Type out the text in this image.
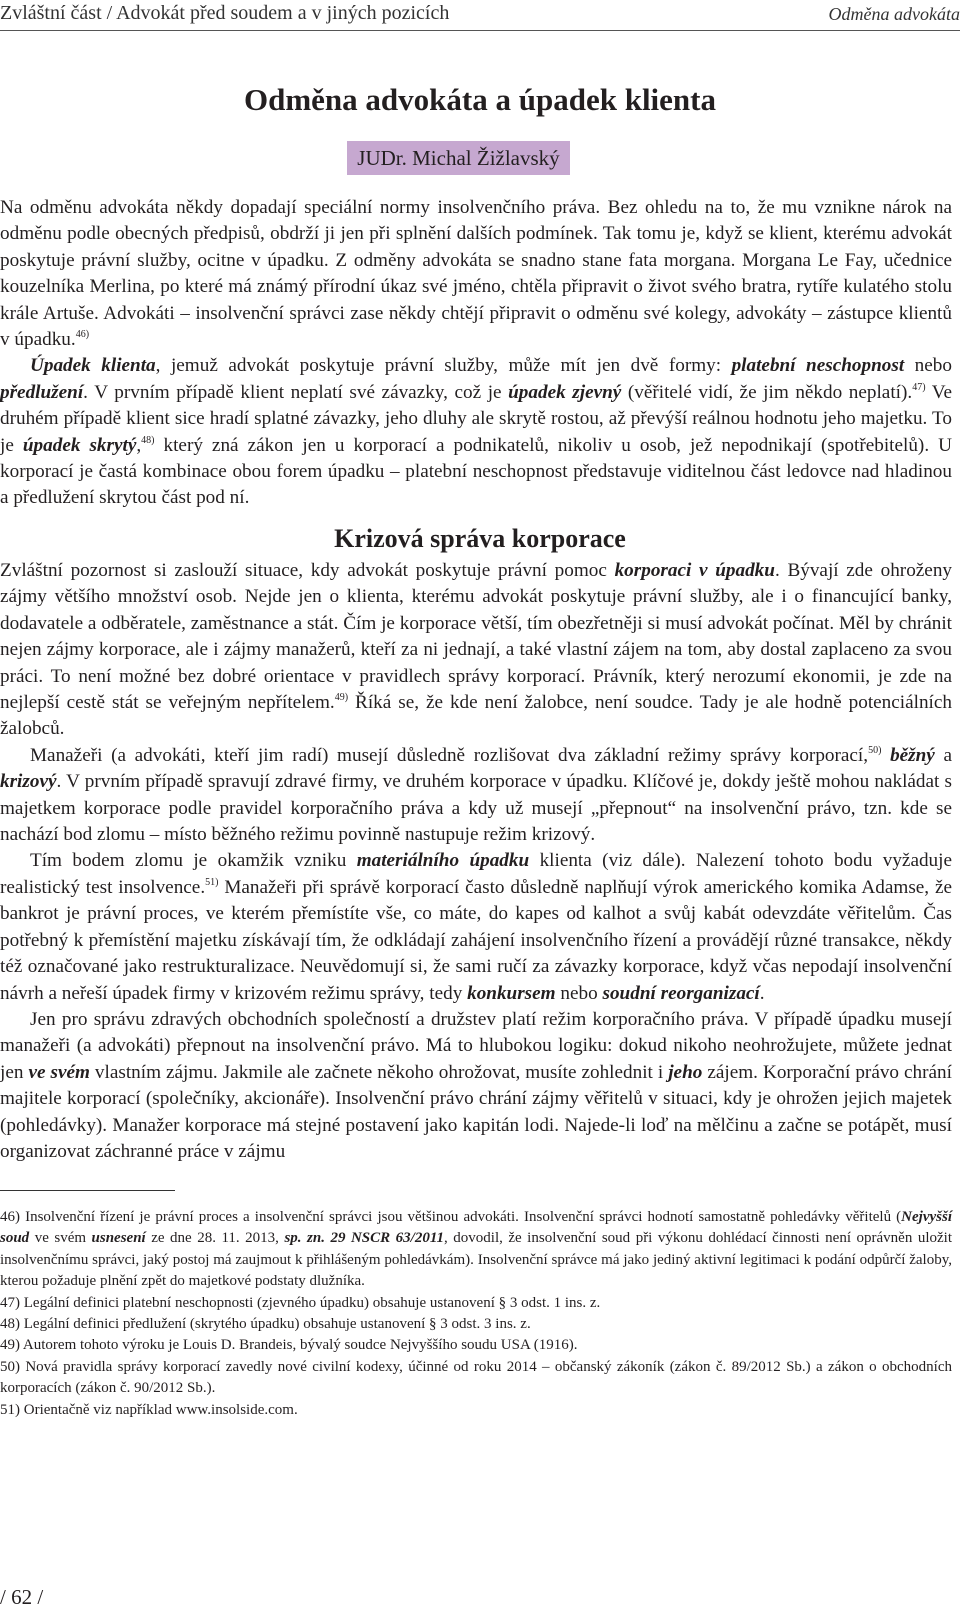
Zvláštní část / Advokát před soudem a v jiných pozicích	Odměna advokáta
Odměna advokáta a úpadek klienta
JUDr. Michal Žižlavský

Na odměnu advokáta někdy dopadají speciální normy insolvenčního práva. Bez ohledu na to, že mu vznikne nárok na odměnu podle obecných předpisů, obdrží ji jen při splnění dalších podmínek. Tak tomu je, když se klient, kterému advokát poskytuje právní služby, ocitne v úpadku. Z odměny advokáta se snadno stane fata morgana. Morgana Le Fay, učednice kouzelníka Merlina, po které má známý přírodní úkaz své jméno, chtěla připravit o život svého bratra, rytíře kulatého stolu krále Artuše. Advokáti – insolvenční správci zase někdy chtějí připravit o odměnu své kolegy, advokáty – zástupce klientů v úpadku.$^{46)}$

Úpadek klienta, jemuž advokát poskytuje právní služby, může mít jen dvě formy: platební neschopnost nebo předlužení. V prvním případě klient neplatí své závazky, což je úpadek zjevný (věřitelé vidí, že jim někdo neplatí).$^{47)}$ Ve druhém případě klient sice hradí splatné závazky, jeho dluhy ale skrytě rostou, až převýší reálnou hodnotu jeho majetku. To je úpadek skrytý,$^{48)}$ který zná zákon jen u korporací a podnikatelů, nikoliv u osob, jež nepodnikají (spotřebitelů). U korporací je častá kombinace obou forem úpadku – platební neschopnost představuje viditelnou část ledovce nad hladinou a předlužení skrytou část pod ní.

Krizová správa korporace

Zvláštní pozornost si zaslouží situace, kdy advokát poskytuje právní pomoc korporaci v úpadku. Bývají zde ohroženy zájmy většího množství osob. Nejde jen o klienta, kterému advokát poskytuje právní služby, ale i o financující banky, dodavatele a odběratele, zaměstnance a stát. Čím je korporace větší, tím obezřetněji si musí advokát počínat. Měl by chránit nejen zájmy korporace, ale i zájmy manažerů, kteří za ni jednají, a také vlastní zájem na tom, aby dostal zaplaceno za svou práci. To není možné bez dobré orientace v pravidlech správy korporací. Právník, který nerozumí ekonomii, je zde na nejlepší cestě stát se veřejným nepřítelem.$^{49)}$ Říká se, že kde není žalobce, není soudce. Tady je ale hodně potenciálních žalobců.

Manažeři (a advokáti, kteří jim radí) musejí důsledně rozlišovat dva základní režimy správy korporací,$^{50)}$ běžný a krizový. V prvním případě spravují zdravé firmy, ve druhém korporace v úpadku. Klíčové je, dokdy ještě mohou nakládat s majetkem korporace podle pravidel korporačního práva a kdy už musejí „přepnout“ na insolvenční právo, tzn. kde se nachází bod zlomu – místo běžného režimu povinně nastupuje režim krizový.

Tím bodem zlomu je okamžik vzniku materiálního úpadku klienta (viz dále). Nalezení tohoto bodu vyžaduje realistický test insolvence.$^{51)}$ Manažeři při správě korporací často důsledně naplňují výrok amerického komika Adamse, že bankrot je právní proces, ve kterém přemístíte vše, co máte, do kapes od kalhot a svůj kabát odevzdáte věřitelům. Čas potřebný k přemístění majetku získávají tím, že odkládají zahájení insolvenčního řízení a provádějí různé transakce, někdy též označované jako restrukturalizace. Neuvědomují si, že sami ručí za závazky korporace, když včas nepodají insolvenční návrh a neřeší úpadek firmy v krizovém režimu správy, tedy konkursem nebo soudní reorganizací.

Jen pro správu zdravých obchodních společností a družstev platí režim korporačního práva. V případě úpadku musejí manažeři (a advokáti) přepnout na insolvenční právo. Má to hlubokou logiku: dokud nikoho neohrožujete, můžete jednat jen ve svém vlastním zájmu. Jakmile ale začnete někoho ohrožovat, musíte zohlednit i jeho zájem. Korporační právo chrání majitele korporací (společníky, akcionáře). Insolvenční právo chrání zájmy věřitelů v situaci, kdy je ohrožen jejich majetek (pohledávky). Manažer korporace má stejné postavení jako kapitán lodi. Najede-li loď na mělčinu a začne se potápět, musí organizovat záchranné práce v zájmu

46) Insolvenční řízení je právní proces a insolvenční správci jsou většinou advokáti. Insolvenční správci hodnotí samostatně pohledávky věřitelů (Nejvyšší soud ve svém usnesení ze dne 28. 11. 2013, sp. zn. 29 NSCR 63/2011, dovodil, že insolvenční soud při výkonu dohlédací činnosti není oprávněn uložit insolvenčnímu správci, jaký postoj má zaujmout k přihlášeným pohledávkám). Insolvenční správce má jako jediný aktivní legitimaci k podání odpůrčí žaloby, kterou požaduje plnění zpět do majetkové podstaty dlužníka.

47) Legální definici platební neschopnosti (zjevného úpadku) obsahuje ustanovení § 3 odst. 1 ins. z.

48) Legální definici předlužení (skrytého úpadku) obsahuje ustanovení § 3 odst. 3 ins. z.

49) Autorem tohoto výroku je Louis D. Brandeis, bývalý soudce Nejvyššího soudu USA (1916).

50) Nová pravidla správy korporací zavedly nové civilní kodexy, účinné od roku 2014 – občanský zákoník (zákon č. 89/2012 Sb.) a zákon o obchodních korporacích (zákon č. 90/2012 Sb.).

51) Orientačně viz například www.insolside.com.

/ 62 /
